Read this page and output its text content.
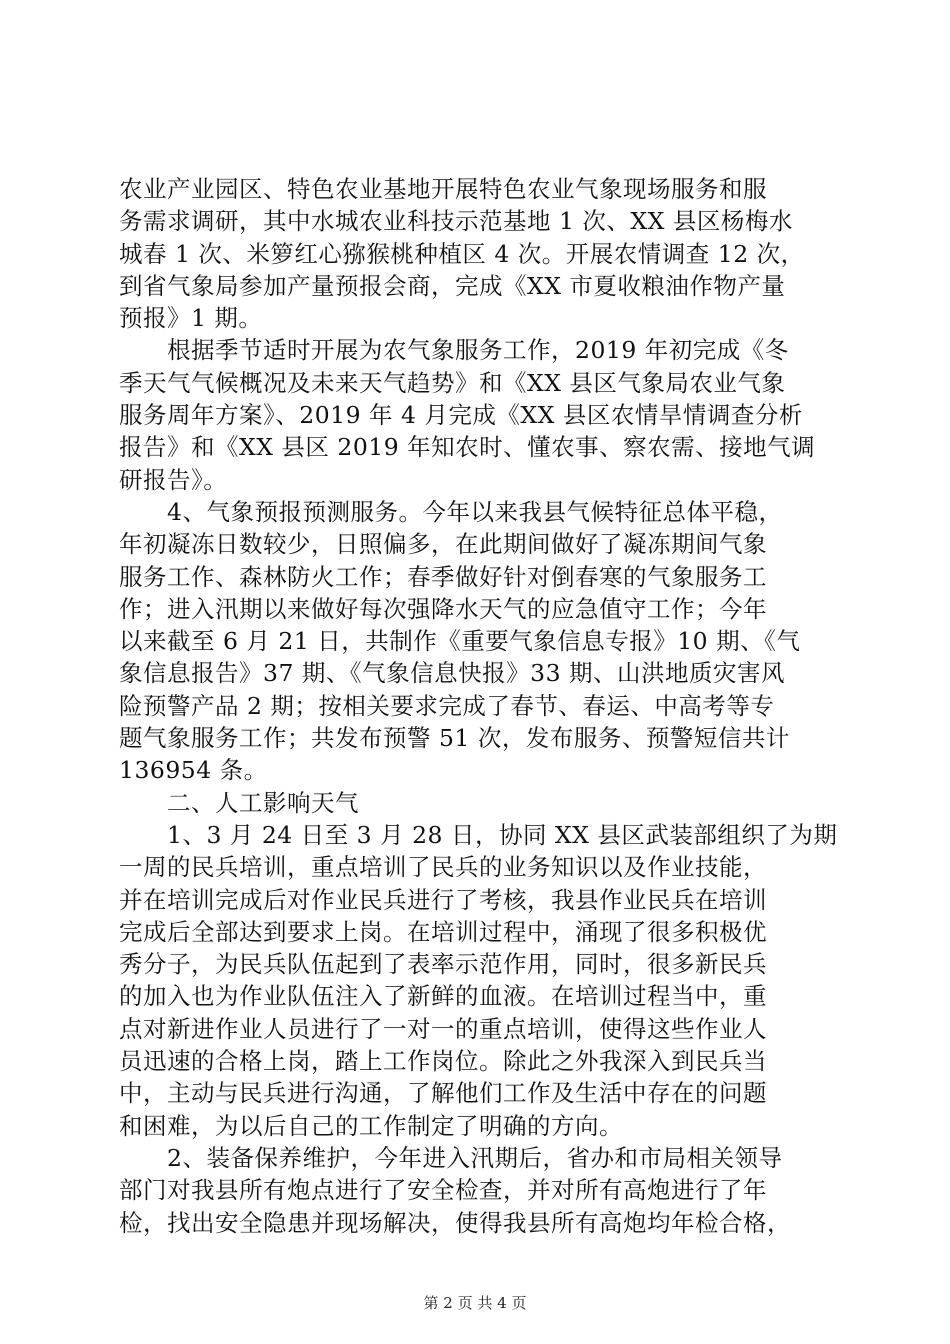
农业产业园区、特色农业基地开展特色农业气象现场服务和服
务需求调研，其中水城农业科技示范基地 1 次、XX 县区杨梅水
城春 1 次、米箩红心猕猴桃种植区 4 次。开展农情调查 12 次，
到省气象局参加产量预报会商，完成《XX 市夏收粮油作物产量
预报》1 期。

根据季节适时开展为农气象服务工作，2019 年初完成《冬
季天气气候概况及未来天气趋势》和《XX 县区气象局农业气象
服务周年方案》、2019 年 4 月完成《XX 县区农情旱情调查分析
报告》和《XX 县区 2019 年知农时、懂农事、察农需、接地气调
研报告》。

4、气象预报预测服务。今年以来我县气候特征总体平稳，
年初凝冻日数较少，日照偏多，在此期间做好了凝冻期间气象
服务工作、森林防火工作；春季做好针对倒春寒的气象服务工
作；进入汛期以来做好每次强降水天气的应急值守工作；今年
以来截至 6 月 21 日，共制作《重要气象信息专报》10 期、《气
象信息报告》37 期、《气象信息快报》33 期、山洪地质灾害风
险预警产品 2 期；按相关要求完成了春节、春运、中高考等专
题气象服务工作；共发布预警 51 次，发布服务、预警短信共计
136954 条。

二、人工影响天气

1、3 月 24 日至 3 月 28 日，协同 XX 县区武装部组织了为期
一周的民兵培训，重点培训了民兵的业务知识以及作业技能，
并在培训完成后对作业民兵进行了考核，我县作业民兵在培训
完成后全部达到要求上岗。在培训过程中，涌现了很多积极优
秀分子，为民兵队伍起到了表率示范作用，同时，很多新民兵
的加入也为作业队伍注入了新鲜的血液。在培训过程当中，重
点对新进作业人员进行了一对一的重点培训，使得这些作业人
员迅速的合格上岗，踏上工作岗位。除此之外我深入到民兵当
中，主动与民兵进行沟通，了解他们工作及生活中存在的问题
和困难，为以后自己的工作制定了明确的方向。

2、装备保养维护，今年进入汛期后，省办和市局相关领导
部门对我县所有炮点进行了安全检查，并对所有高炮进行了年
检，找出安全隐患并现场解决，使得我县所有高炮均年检合格，

第 2 页 共 4 页
